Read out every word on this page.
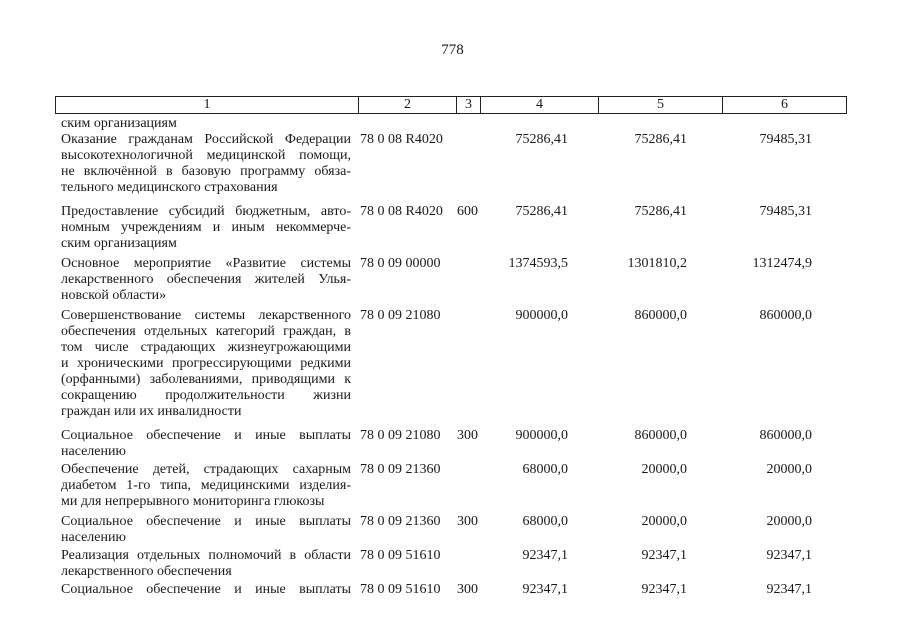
778
1	2	3	4	5	6
ским организациям
Оказание гражданам Российской Федерации
высокотехнологичной медицинской помощи,
не включённой в базовую программу обяза-
тельного медицинского страхования
78 0 08 R4020	75286,41	75286,41	79485,31
Предоставление субсидий бюджетным, авто-
номным учреждениям и иным некоммерче-
ским организациям
78 0 08 R4020 600	75286,41	75286,41	79485,31
Основное мероприятие «Развитие системы
лекарственного обеспечения жителей Улья-
новской области»
78 0 09 00000	1374593,5	1301810,2	1312474,9
Совершенствование системы лекарственного
обеспечения отдельных категорий граждан, в
том числе страдающих жизнеугрожающими
и хроническими прогрессирующими редкими
(орфанными) заболеваниями, приводящими к
сокращению продолжительности жизни
граждан или их инвалидности
78 0 09 21080	900000,0	860000,0	860000,0
Социальное обеспечение и иные выплаты
населению
78 0 09 21080 300	900000,0	860000,0	860000,0
Обеспечение детей, страдающих сахарным
диабетом 1-го типа, медицинскими изделия-
ми для непрерывного мониторинга глюкозы
78 0 09 21360	68000,0	20000,0	20000,0
Социальное обеспечение и иные выплаты
населению
78 0 09 21360 300	68000,0	20000,0	20000,0
Реализация отдельных полномочий в области
лекарственного обеспечения
78 0 09 51610	92347,1	92347,1	92347,1
Социальное обеспечение и иные выплаты 78 0 09 51610 300	92347,1	92347,1	92347,1
